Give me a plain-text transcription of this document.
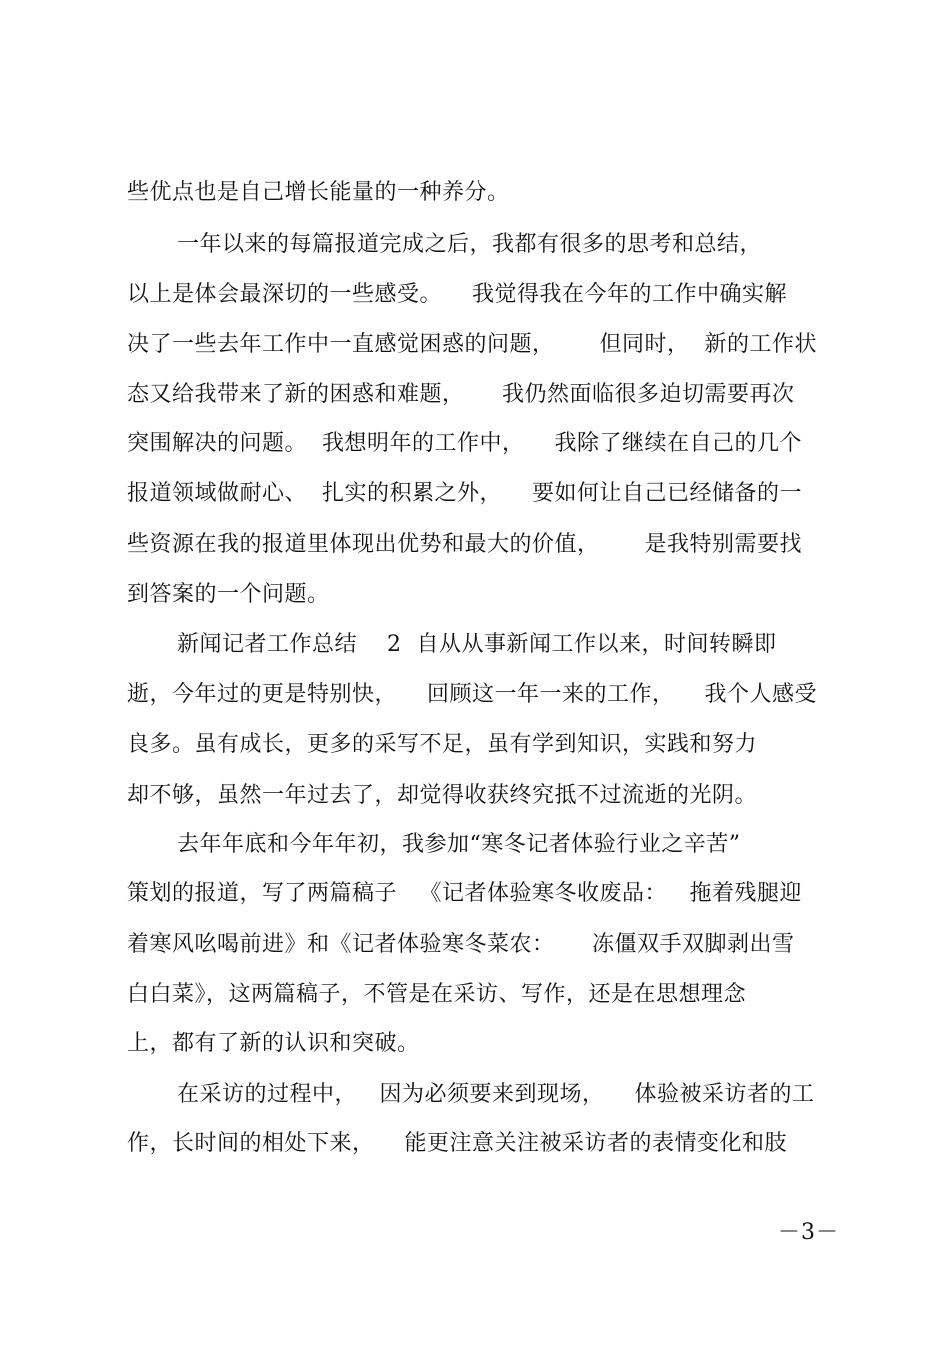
些优点也是自己增长能量的一种养分。
一年以来的每篇报道完成之后，我都有很多的思考和总结，
以上是体会最深切的一些感受。    我觉得我在今年的工作中确实解
决了一些去年工作中一直感觉困惑的问题，      但同时，  新的工作状
态又给我带来了新的困惑和难题，     我仍然面临很多迫切需要再次
突围解决的问题。  我想明年的工作中，    我除了继续在自己的几个
报道领域做耐心、  扎实的积累之外，    要如何让自己已经储备的一
些资源在我的报道里体现出优势和最大的价值，      是我特别需要找
到答案的一个问题。
新闻记者工作总结    2  自从从事新闻工作以来，时间转瞬即
逝，今年过的更是特别快，    回顾这一年一来的工作，    我个人感受
良多。虽有成长，更多的采写不足，虽有学到知识，实践和努力
却不够，虽然一年过去了，却觉得收获终究抵不过流逝的光阴。
去年年底和今年年初，我参加“寒冬记者体验行业之辛苦”
策划的报道，写了两篇稿子   《记者体验寒冬收废品：   拖着残腿迎
着寒风吆喝前进》和《记者体验寒冬菜农：     冻僵双手双脚剥出雪
白白菜》，这两篇稿子，不管是在采访、写作，还是在思想理念
上，都有了新的认识和突破。
在采访的过程中，   因为必须要来到现场，    体验被采访者的工
作，长时间的相处下来，    能更注意关注被采访者的表情变化和肢
－3－
